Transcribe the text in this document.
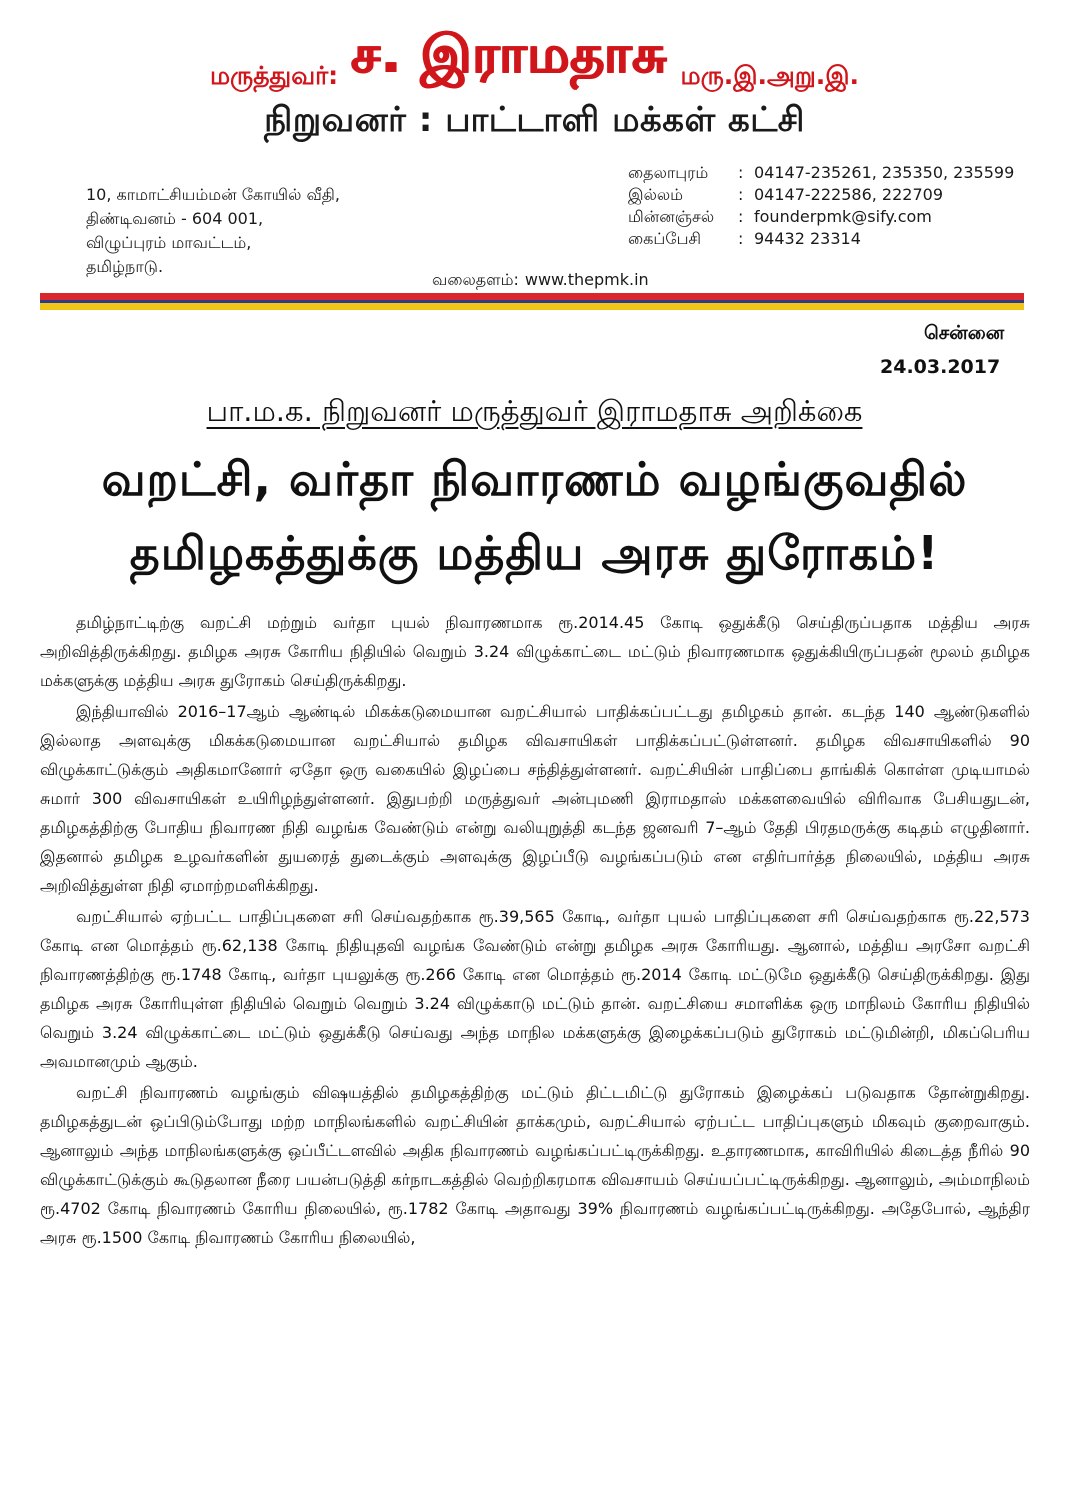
மருத்துவர்: ச. இராமதாசு மரு.இ.அறு.இ.
நிறுவனர் : பாட்டாளி மக்கள் கட்சி
10, காமாட்சியம்மன் கோயில் வீதி,
திண்டிவனம் - 604 001,
விழுப்புரம் மாவட்டம்,
தமிழ்நாடு.
தைலாபுரம் : 04147-235261, 235350, 235599
இல்லம்	: 04147-222586, 222709
மின்னஞ்சல் : founderpmk@sify.com
கைப்பேசி : 94432 23314
வலைதளம்: www.thepmk.in
சென்னை
24.03.2017
பா.ம.க. நிறுவனர் மருத்துவர் இராமதாசு அறிக்கை
வறட்சி, வர்தா நிவாரணம் வழங்குவதில்
தமிழகத்துக்கு மத்திய அரசு துரோகம்!

தமிழ்நாட்டிற்கு வறட்சி மற்றும் வர்தா புயல் நிவாரணமாக ரூ.2014.45 கோடி ஒதுக்கீடு செய்திருப்பதாக மத்திய அரசு அறிவித்திருக்கிறது. தமிழக அரசு கோரிய நிதியில் வெறும் 3.24 விழுக்காட்டை மட்டும் நிவாரணமாக ஒதுக்கியிருப்பதன் மூலம் தமிழக மக்களுக்கு மத்திய அரசு துரோகம் செய்திருக்கிறது.

இந்தியாவில் 2016–17ஆம் ஆண்டில் மிகக்கடுமையான வறட்சியால் பாதிக்கப்பட்டது தமிழகம் தான். கடந்த 140 ஆண்டுகளில் இல்லாத அளவுக்கு மிகக்கடுமையான வறட்சியால் தமிழக விவசாயிகள் பாதிக்கப்பட்டுள்ளனர். தமிழக விவசாயிகளில் 90 விழுக்காட்டுக்கும் அதிகமானோர் ஏதோ ஒரு வகையில் இழப்பை சந்தித்துள்ளனர். வறட்சியின் பாதிப்பை தாங்கிக் கொள்ள முடியாமல் சுமார் 300 விவசாயிகள் உயிரிழந்துள்ளனர். இதுபற்றி மருத்துவர் அன்புமணி இராமதாஸ் மக்களவையில் விரிவாக பேசியதுடன், தமிழகத்திற்கு போதிய நிவாரண நிதி வழங்க வேண்டும் என்று வலியுறுத்தி கடந்த ஜனவரி 7–ஆம் தேதி பிரதமருக்கு கடிதம் எழுதினார். இதனால் தமிழக உழவர்களின் துயரைத் துடைக்கும் அளவுக்கு இழப்பீடு வழங்கப்படும் என எதிர்பார்த்த நிலையில், மத்திய அரசு அறிவித்துள்ள நிதி ஏமாற்றமளிக்கிறது.

வறட்சியால் ஏற்பட்ட பாதிப்புகளை சரி செய்வதற்காக ரூ.39,565 கோடி, வர்தா புயல் பாதிப்புகளை சரி செய்வதற்காக ரூ.22,573 கோடி என மொத்தம் ரூ.62,138 கோடி நிதியுதவி வழங்க வேண்டும் என்று தமிழக அரசு கோரியது. ஆனால், மத்திய அரசோ வறட்சி நிவாரணத்திற்கு ரூ.1748 கோடி, வர்தா புயலுக்கு ரூ.266 கோடி என மொத்தம் ரூ.2014 கோடி மட்டுமே ஒதுக்கீடு செய்திருக்கிறது. இது தமிழக அரசு கோரியுள்ள நிதியில் வெறும் வெறும் 3.24 விழுக்காடு மட்டும் தான். வறட்சியை சமாளிக்க ஒரு மாநிலம் கோரிய நிதியில் வெறும் 3.24 விழுக்காட்டை மட்டும் ஒதுக்கீடு செய்வது அந்த மாநில மக்களுக்கு இழைக்கப்படும் துரோகம் மட்டுமின்றி, மிகப்பெரிய அவமானமும் ஆகும்.

வறட்சி நிவாரணம் வழங்கும் விஷயத்தில் தமிழகத்திற்கு மட்டும் திட்டமிட்டு துரோகம் இழைக்கப் படுவதாக தோன்றுகிறது. தமிழகத்துடன் ஒப்பிடும்போது மற்ற மாநிலங்களில் வறட்சியின் தாக்கமும், வறட்சியால் ஏற்பட்ட பாதிப்புகளும் மிகவும் குறைவாகும். ஆனாலும் அந்த மாநிலங்களுக்கு ஒப்பீட்டளவில் அதிக நிவாரணம் வழங்கப்பட்டிருக்கிறது. உதாரணமாக, காவிரியில் கிடைத்த நீரில் 90 விழுக்காட்டுக்கும் கூடுதலான நீரை பயன்படுத்தி கர்நாடகத்தில் வெற்றிகரமாக விவசாயம் செய்யப்பட்டிருக்கிறது. ஆனாலும், அம்மாநிலம் ரூ.4702 கோடி நிவாரணம் கோரிய நிலையில், ரூ.1782 கோடி அதாவது 39% நிவாரணம் வழங்கப்பட்டிருக்கிறது. அதேபோல், ஆந்திர அரசு ரூ.1500 கோடி நிவாரணம் கோரிய நிலையில்,
